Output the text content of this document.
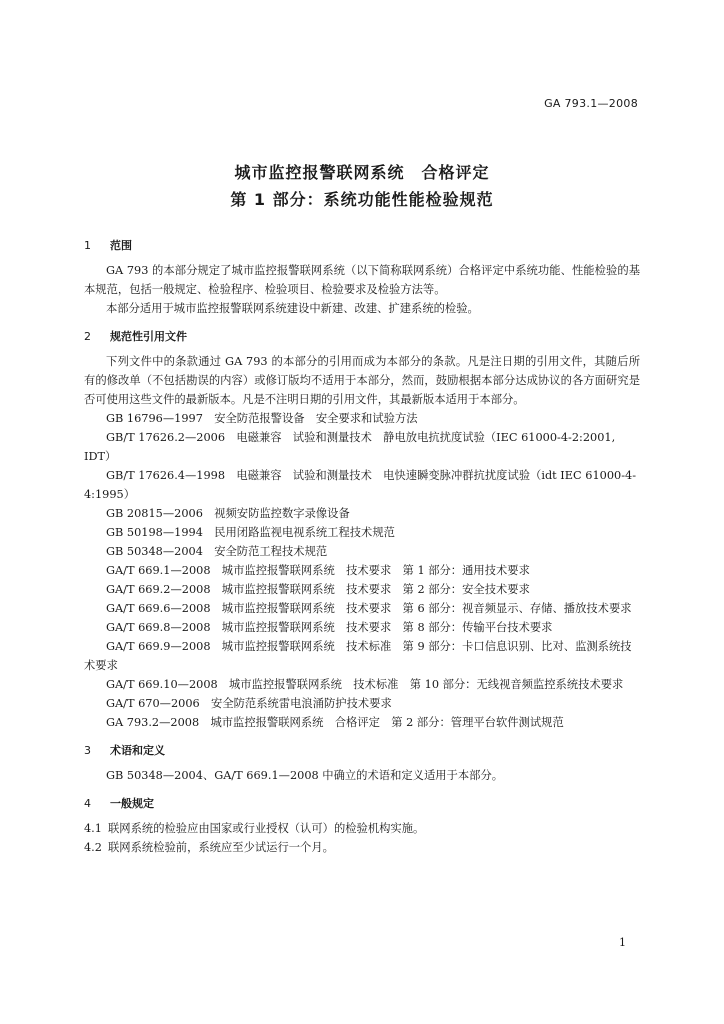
GA 793.1—2008
城市监控报警联网系统　合格评定
第 1 部分：系统功能性能检验规范
1 范围

GA 793 的本部分规定了城市监控报警联网系统（以下简称联网系统）合格评定中系统功能、性能检验的基本规范，包括一般规定、检验程序、检验项目、检验要求及检验方法等。

本部分适用于城市监控报警联网系统建设中新建、改建、扩建系统的检验。

2 规范性引用文件

下列文件中的条款通过 GA 793 的本部分的引用而成为本部分的条款。凡是注日期的引用文件，其随后所有的修改单（不包括勘误的内容）或修订版均不适用于本部分，然而，鼓励根据本部分达成协议的各方面研究是否可使用这些文件的最新版本。凡是不注明日期的引用文件，其最新版本适用于本部分。

GB 16796—1997　安全防范报警设备　安全要求和试验方法

GB/T 17626.2—2006　电磁兼容　试验和测量技术　静电放电抗扰度试验（IEC 61000-4-2:2001, IDT）

GB/T 17626.4—1998　电磁兼容　试验和测量技术　电快速瞬变脉冲群抗扰度试验（idt IEC 61000-4-4:1995）

GB 20815—2006　视频安防监控数字录像设备

GB 50198—1994　民用闭路监视电视系统工程技术规范

GB 50348—2004　安全防范工程技术规范

GA/T 669.1—2008　城市监控报警联网系统　技术要求　第 1 部分：通用技术要求

GA/T 669.2—2008　城市监控报警联网系统　技术要求　第 2 部分：安全技术要求

GA/T 669.6—2008　城市监控报警联网系统　技术要求　第 6 部分：视音频显示、存储、播放技术要求

GA/T 669.8—2008　城市监控报警联网系统　技术要求　第 8 部分：传输平台技术要求

GA/T 669.9—2008　城市监控报警联网系统　技术标准　第 9 部分：卡口信息识别、比对、监测系统技术要求

GA/T 669.10—2008　城市监控报警联网系统　技术标准　第 10 部分：无线视音频监控系统技术要求

GA/T 670—2006　安全防范系统雷电浪涌防护技术要求

GA 793.2—2008　城市监控报警联网系统　合格评定　第 2 部分：管理平台软件测试规范

3 术语和定义

GB 50348—2004、GA/T 669.1—2008 中确立的术语和定义适用于本部分。

4 一般规定

4.1 联网系统的检验应由国家或行业授权（认可）的检验机构实施。

4.2 联网系统检验前，系统应至少试运行一个月。

1
